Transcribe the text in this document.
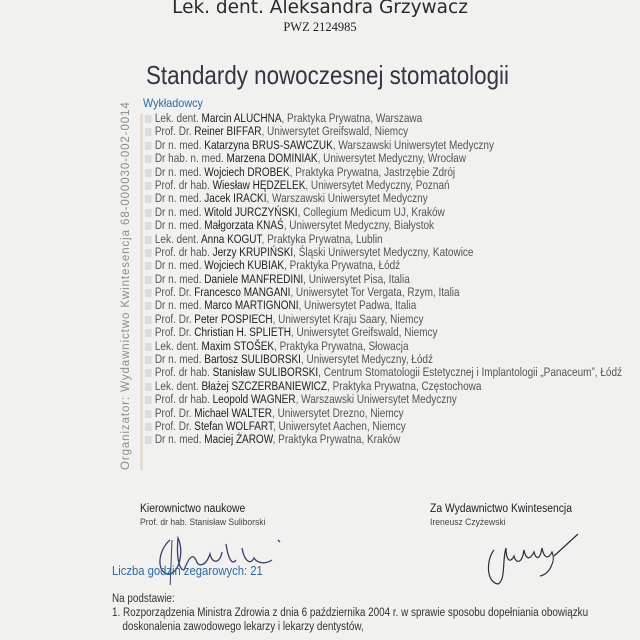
Lek. dent. Aleksandra Grzywacz
PWZ 2124985
Standardy nowoczesnej stomatologii
Wykładowcy
Organizator: Wydawnictwo Kwintesencja 68-000030-002-0014	Lek. dent. Marcin ALUCHNA , Praktyka Prywatna, Warszawa
Prof. Dr. Reiner BIFFAR , Uniwersytet Greifswald, Niemcy
Dr n. med. Katarzyna BRUS-SAWCZUK , Warszawski Uniwersytet Medyczny
Dr hab. n. med. Marzena DOMINIAK , Uniwersytet Medyczny, Wrocław
Dr n. med. Wojciech DROBEK , Praktyka Prywatna, Jastrzębie Zdrój
Prof. dr hab. Wiesław HĘDZELEK , Uniwersytet Medyczny, Poznań
Dr n. med. Jacek IRACKI , Warszawski Uniwersytet Medyczny
Dr n. med. Witold JURCZYŃSKI , Collegium Medicum UJ, Kraków
Dr n. med. Małgorzata KNAŚ , Uniwersytet Medyczny, Białystok
Lek. dent. Anna KOGUT , Praktyka Prywatna, Lublin
Prof. dr hab. Jerzy KRUPIŃSKI , Śląski Uniwersytet Medyczny, Katowice
Dr n. med. Wojciech KUBIAK , Praktyka Prywatna, Łódź
Dr n. med. Daniele MANFREDINI , Uniwersytet Pisa, Italia
Prof. Dr. Francesco MANGANI , Uniwersytet Tor Vergata, Rzym, Italia
Dr n. med. Marco MARTIGNONI , Uniwersytet Padwa, Italia
Prof. Dr. Peter POSPIECH , Uniwersytet Kraju Saary, Niemcy
Prof. Dr. Christian H. SPLIETH , Uniwersytet Greifswald, Niemcy
Lek. dent. Maxim STOŠEK , Praktyka Prywatna, Słowacja
Dr n. med. Bartosz SULIBORSKI , Uniwersytet Medyczny, Łódź
Prof. dr hab. Stanisław SULIBORSKI , Centrum Stomatologii Estetycznej i Implantologii „Panaceum”, Łódź
Lek. dent. Błażej SZCZERBANIEWICZ , Praktyka Prywatna, Częstochowa
Prof. dr hab. Leopold WAGNER , Warszawski Uniwersytet Medyczny
Prof. Dr. Michael WALTER , Uniwersytet Drezno, Niemcy
Prof. Dr. Stefan WOLFART , Uniwersytet Aachen, Niemcy
Dr n. med. Maciej ŻAROW , Praktyka Prywatna, Kraków
Kierownictwo naukowe
Prof. dr hab. Stanisław Suliborski
Za Wydawnictwo Kwintesencja
Ireneusz Czyżewski
Liczba godzin zegarowych: 21
Na podstawie:
1. Rozporządzenia Ministra Zdrowia z dnia 6 października 2004 r. w sprawie sposobu dopełniania obowiązku
doskonalenia zawodowego lekarzy i lekarzy dentystów,
